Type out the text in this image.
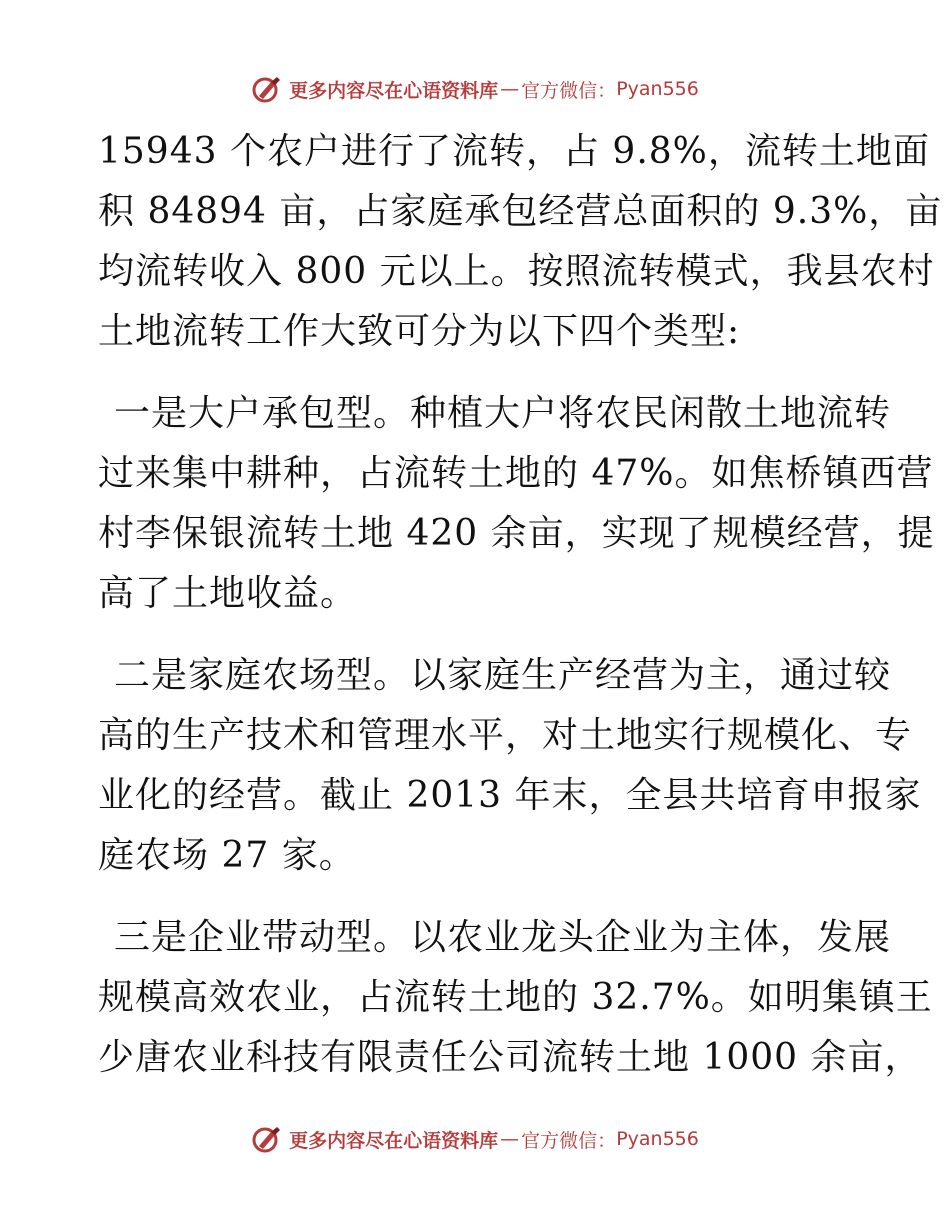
更多内容尽在心语资料库 — 官方微信： Pyan556
15943 个农户进行了流转，占 9.8%，流转土地面
积 84894 亩，占家庭承包经营总面积的 9.3%，亩
均流转收入 800 元以上。按照流转模式，我县农村
土地流转工作大致可分为以下四个类型:
一是大户承包型。种植大户将农民闲散土地流转
过来集中耕种，占流转土地的 47%。如焦桥镇西营
村李保银流转土地 420 余亩，实现了规模经营，提
高了土地收益。
二是家庭农场型。以家庭生产经营为主，通过较
高的生产技术和管理水平，对土地实行规模化、专
业化的经营。截止 2013 年末，全县共培育申报家
庭农场 27 家。
三是企业带动型。以农业龙头企业为主体，发展
规模高效农业，占流转土地的 32.7%。如明集镇王
少唐农业科技有限责任公司流转土地 1000 余亩，
更多内容尽在心语资料库 — 官方微信： Pyan556
